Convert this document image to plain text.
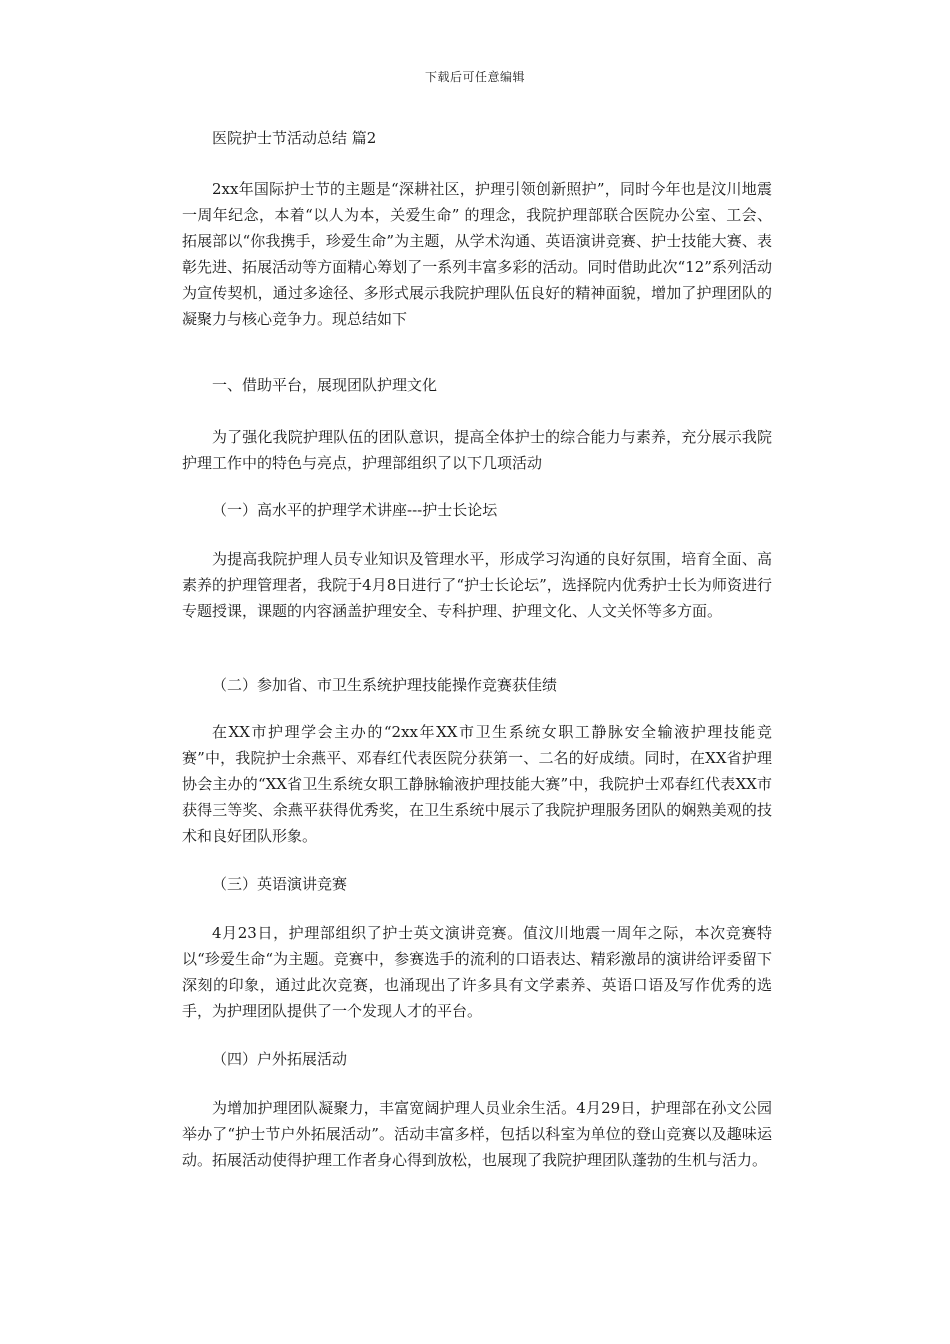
下载后可任意编辑

医院护士节活动总结 篇2

2xx年国际护士节的主题是“深耕社区，护理引领创新照护”，同时今年也是汶川地震一周年纪念，本着“以人为本，关爱生命” 的理念，我院护理部联合医院办公室、工会、拓展部以“你我携手，珍爱生命”为主题，从学术沟通、英语演讲竞赛、护士技能大赛、表彰先进、拓展活动等方面精心筹划了一系列丰富多彩的活动。同时借助此次“12”系列活动为宣传契机，通过多途径、多形式展示我院护理队伍良好的精神面貌，增加了护理团队的凝聚力与核心竞争力。现总结如下

一、借助平台，展现团队护理文化

为了强化我院护理队伍的团队意识，提高全体护士的综合能力与素养，充分展示我院护理工作中的特色与亮点，护理部组织了以下几项活动

（一）高水平的护理学术讲座---护士长论坛

为提高我院护理人员专业知识及管理水平，形成学习沟通的良好氛围，培育全面、高素养的护理管理者，我院于4月8日进行了“护士长论坛”，选择院内优秀护士长为师资进行专题授课，课题的内容涵盖护理安全、专科护理、护理文化、人文关怀等多方面。

（二）参加省、市卫生系统护理技能操作竞赛获佳绩

在XX市护理学会主办的“2xx年XX市卫生系统女职工静脉安全输液护理技能竞赛”中，我院护士余燕平、邓春红代表医院分获第一、二名的好成绩。同时，在XX省护理协会主办的“XX省卫生系统女职工静脉输液护理技能大赛”中，我院护士邓春红代表XX市获得三等奖、余燕平获得优秀奖，在卫生系统中展示了我院护理服务团队的娴熟美观的技术和良好团队形象。

（三）英语演讲竞赛

4月23日，护理部组织了护士英文演讲竞赛。值汶川地震一周年之际，本次竞赛特以“珍爱生命“为主题。竞赛中，参赛选手的流利的口语表达、精彩激昂的演讲给评委留下深刻的印象，通过此次竞赛，也涌现出了许多具有文学素养、英语口语及写作优秀的选手，为护理团队提供了一个发现人才的平台。

（四）户外拓展活动

为增加护理团队凝聚力，丰富宽阔护理人员业余生活。4月29日，护理部在孙文公园举办了“护士节户外拓展活动”。活动丰富多样，包括以科室为单位的登山竞赛以及趣味运动。拓展活动使得护理工作者身心得到放松，也展现了我院护理团队蓬勃的生机与活力。
